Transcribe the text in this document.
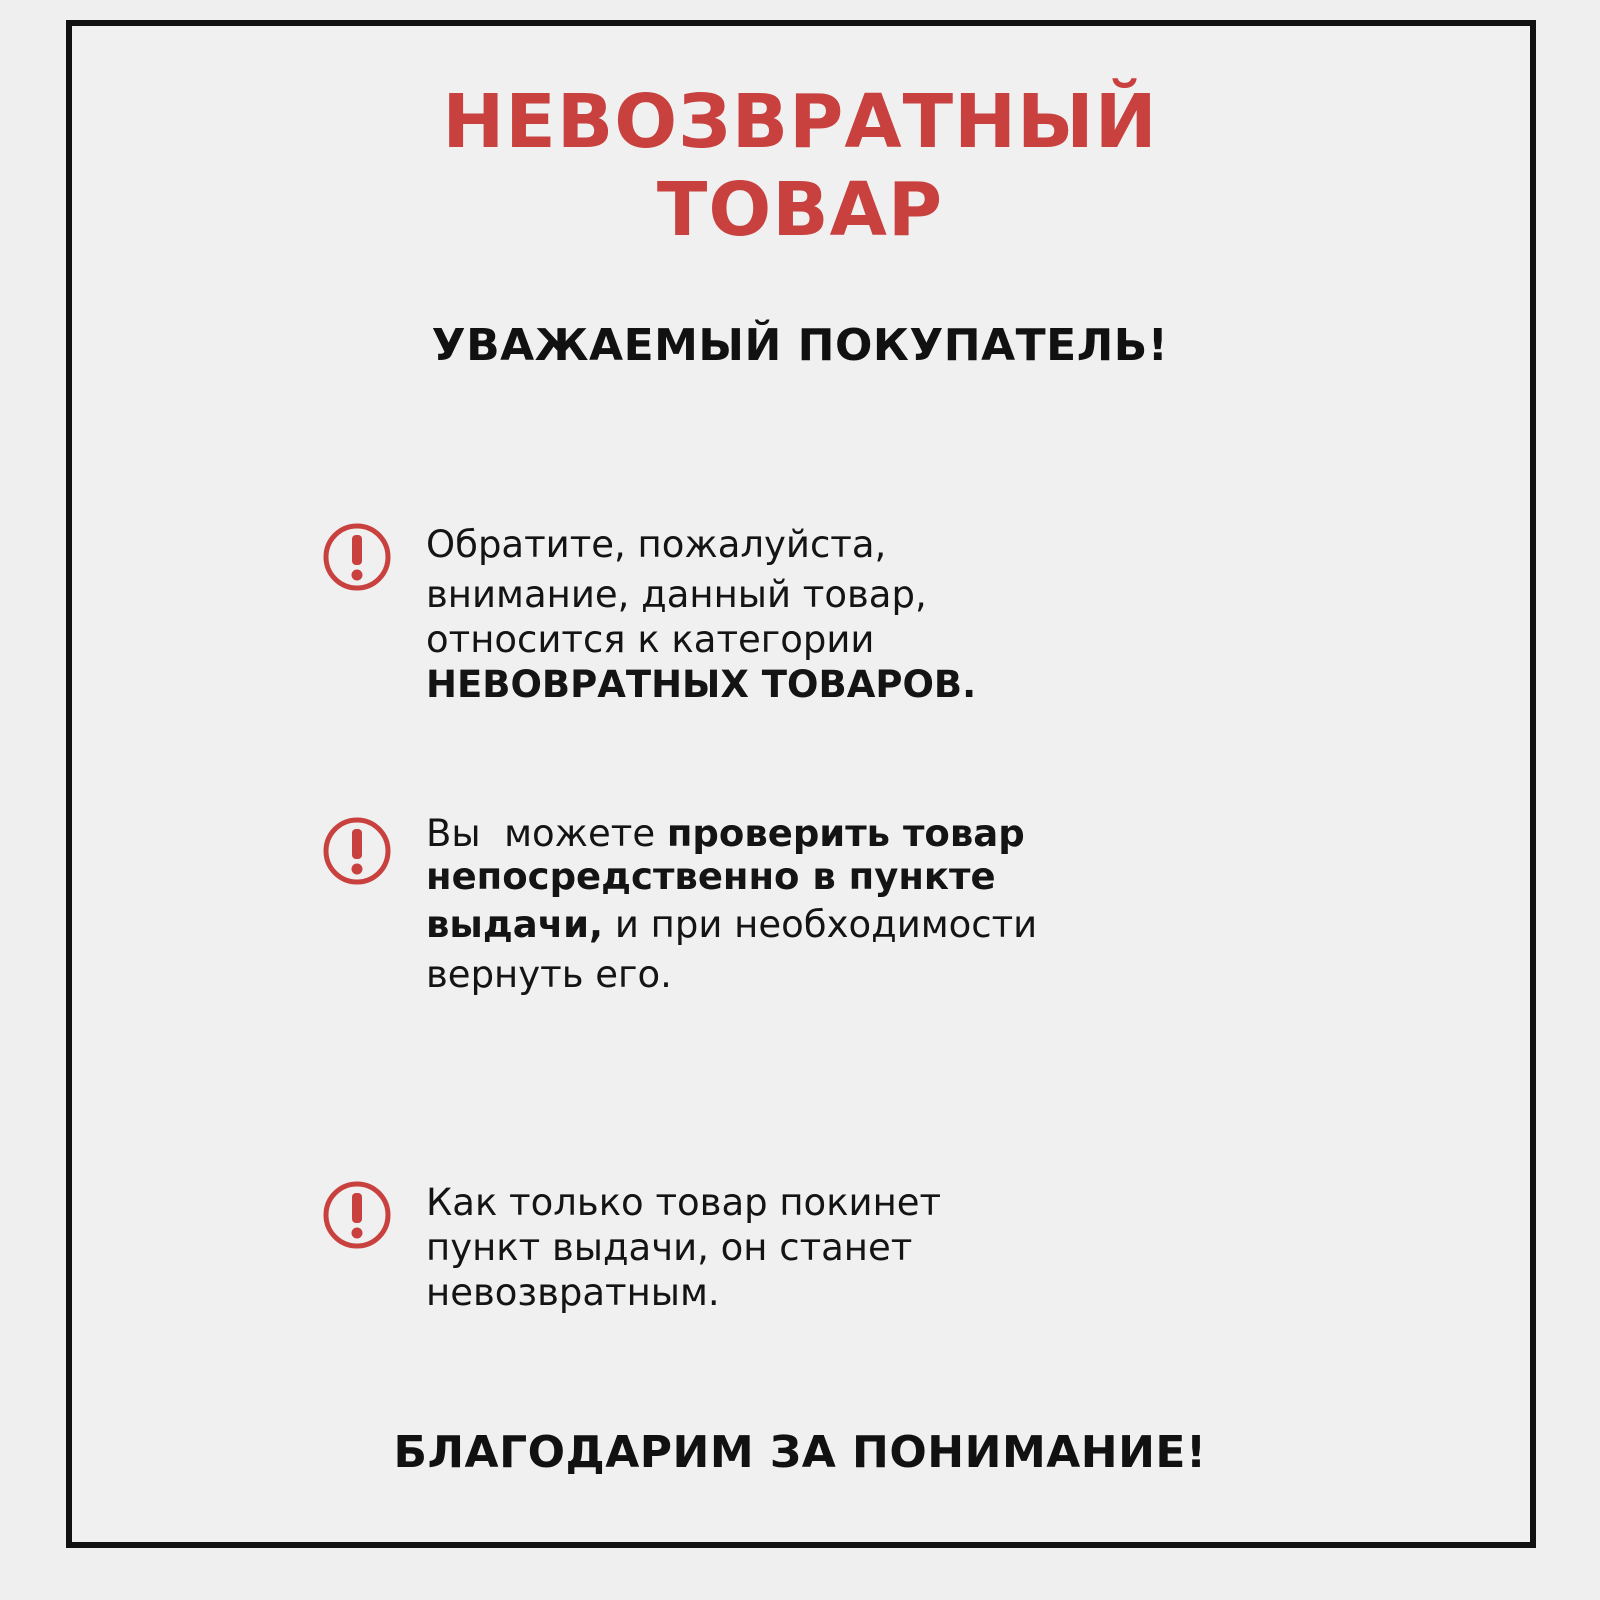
НЕВОЗВРАТНЫЙ
ТОВАР
УВАЖАЕМЫЙ ПОКУПАТЕЛЬ!
Обратите, пожалуйста,
внимание, данный товар,
относится к категории
НЕВОВРАТНЫХ ТОВАРОВ.
Вы  можете проверить товар
непосредственно в пункте
выдачи, и при необходимости
вернуть его.
Как только товар покинет
пункт выдачи, он станет
невозвратным.
БЛАГОДАРИМ ЗА ПОНИМАНИЕ!
